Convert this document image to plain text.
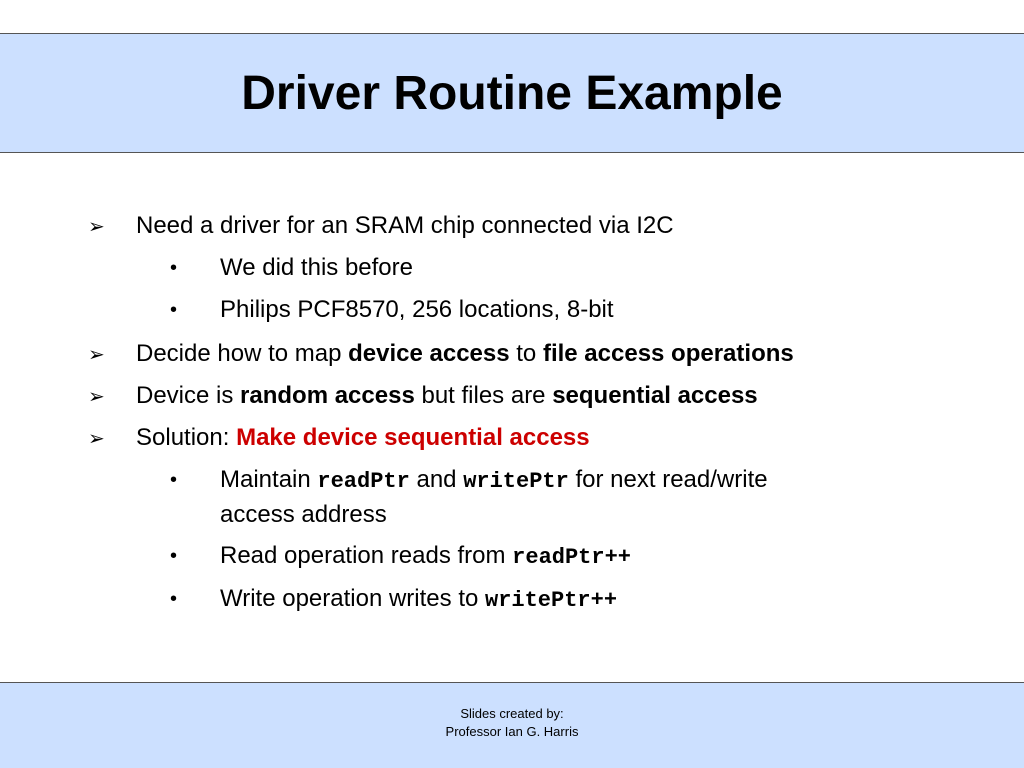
Driver Routine Example
➢ Need a driver for an SRAM chip connected via I2C
• We did this before
• Philips PCF8570, 256 locations, 8-bit
➢ Decide how to map device access to file access operations
➢ Device is random access but files are sequential access
➢ Solution: Make device sequential access
• Maintain readPtr and writePtr for next read/write
access address
• Read operation reads from readPtr++
• Write operation writes to writePtr++
Slides created by:
Professor Ian G. Harris
